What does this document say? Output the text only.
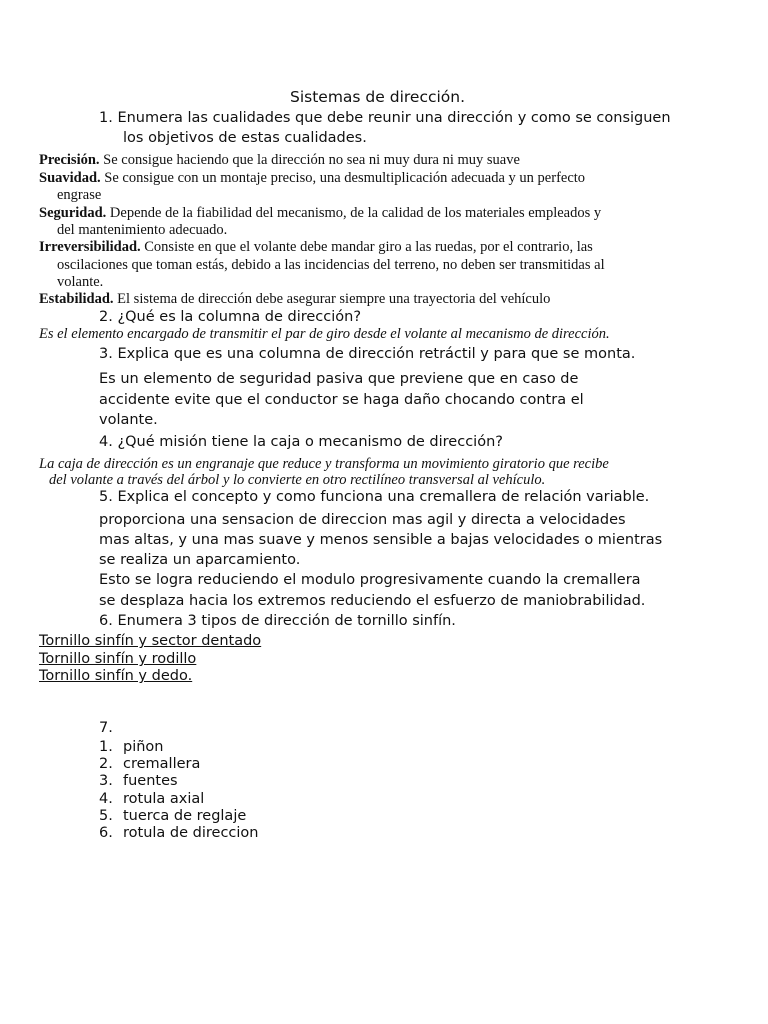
Sistemas de dirección.
1. Enumera las cualidades que debe reunir una dirección y como se consiguen
los objetivos de estas cualidades.
Precisión. Se consigue haciendo que la dirección no sea ni muy dura ni muy suave
Suavidad. Se consigue con un montaje preciso, una desmultiplicación adecuada y un perfecto
engrase
Seguridad. Depende de la fiabilidad del mecanismo, de la calidad de los materiales empleados y
del mantenimiento adecuado.
Irreversibilidad. Consiste en que el volante debe mandar giro a las ruedas, por el contrario, las
oscilaciones que toman estás, debido a las incidencias del terreno, no deben ser transmitidas al
volante.
Estabilidad. El sistema de dirección debe asegurar siempre una trayectoria del vehículo
2. ¿Qué es la columna de dirección?
Es el elemento encargado de transmitir el par de giro desde el volante al mecanismo de dirección.
3. Explica que es una columna de dirección retráctil y para que se monta.
Es un elemento de seguridad pasiva que previene que en caso de
accidente evite que el conductor se haga daño chocando contra el
volante.
4. ¿Qué misión tiene la caja o mecanismo de dirección?
La caja de dirección es un engranaje que reduce y transforma un movimiento giratorio que recibe
del volante a través del árbol y lo convierte en otro rectilíneo transversal al vehículo.
5. Explica el concepto y como funciona una cremallera de relación variable.
proporciona una sensacion de direccion mas agil y directa a velocidades
mas altas, y una mas suave y menos sensible a bajas velocidades o mientras
se realiza un aparcamiento.
Esto se logra reduciendo el modulo progresivamente cuando la cremallera
se desplaza hacia los extremos reduciendo el esfuerzo de maniobrabilidad.
6. Enumera 3 tipos de dirección de tornillo sinfín.
Tornillo sinfín y sector dentado
Tornillo sinfín y rodillo
Tornillo sinfín y dedo.
7.
1. piñon
2. cremallera
3. fuentes
4. rotula axial
5. tuerca de reglaje
6. rotula de direccion
